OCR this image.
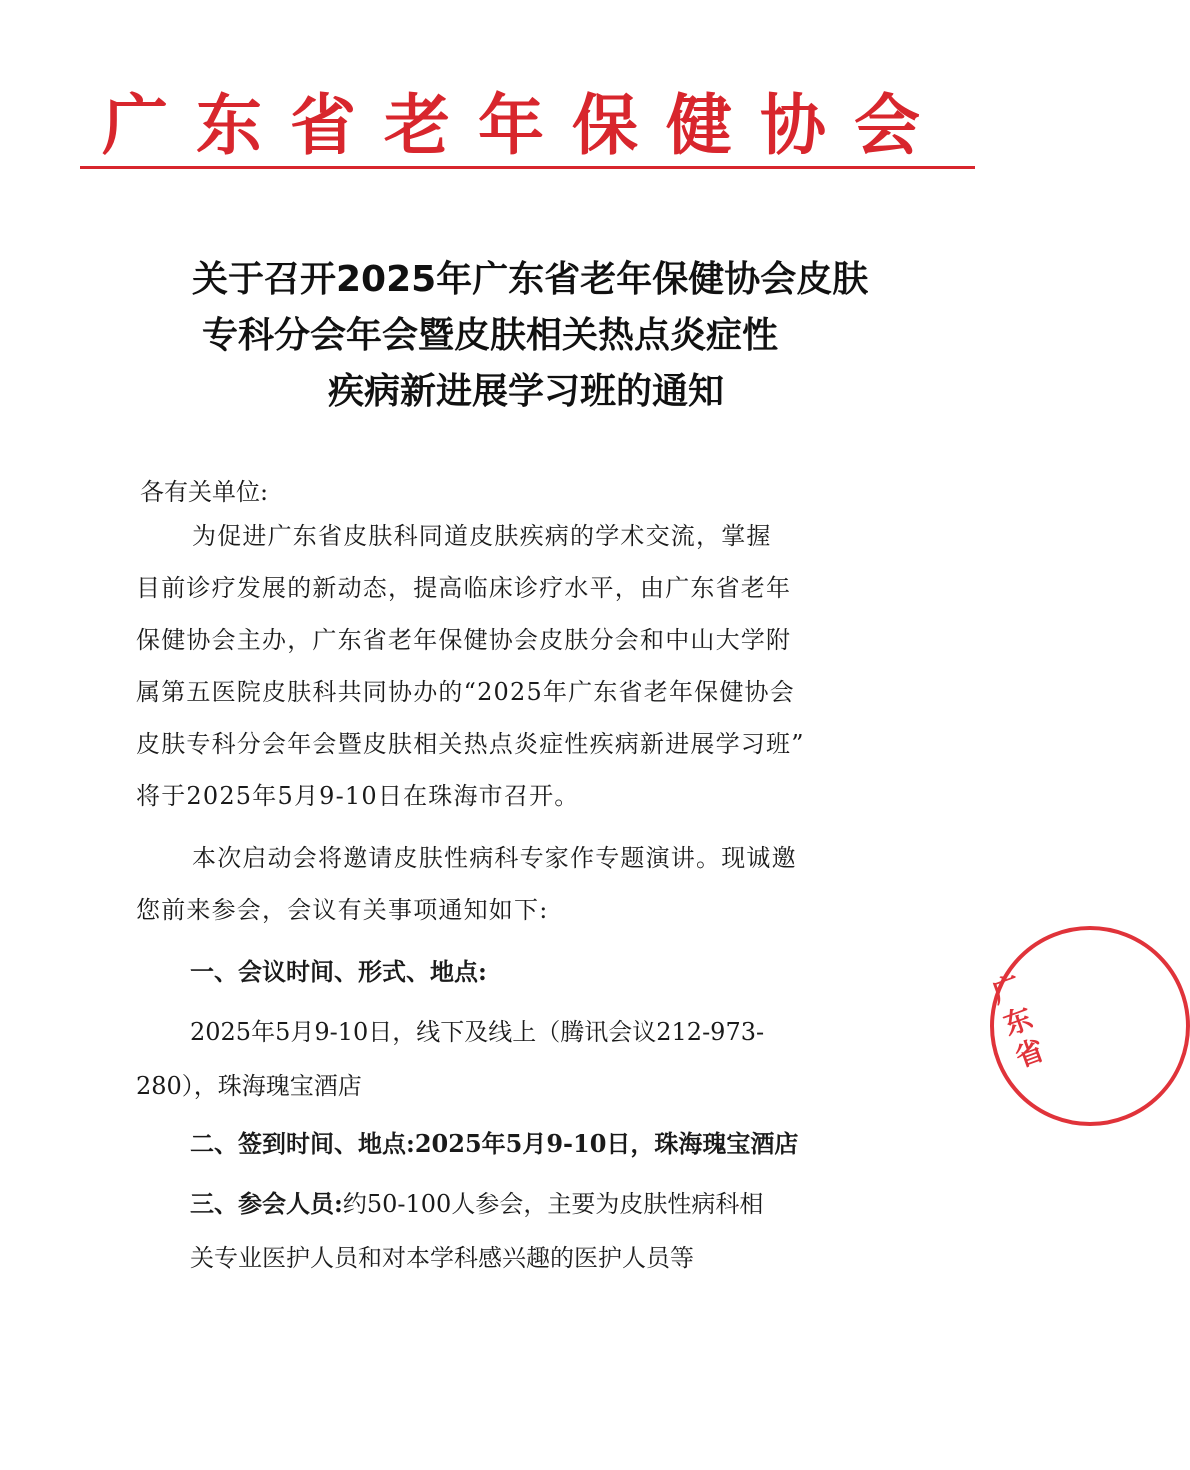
广东省老年保健协会
关于召开2025年广东省老年保健协会皮肤
专科分会年会暨皮肤相关热点炎症性
疾病新进展学习班的通知
各有关单位:
为促进广东省皮肤科同道皮肤疾病的学术交流，掌握
目前诊疗发展的新动态，提高临床诊疗水平，由广东省老年
保健协会主办，广东省老年保健协会皮肤分会和中山大学附
属第五医院皮肤科共同协办的“2025年广东省老年保健协会
皮肤专科分会年会暨皮肤相关热点炎症性疾病新进展学习班”
将于2025年5月9-10日在珠海市召开。
本次启动会将邀请皮肤性病科专家作专题演讲。现诚邀
您前来参会，会议有关事项通知如下:
一、会议时间、形式、地点:
2025年5月9-10日，线下及线上（腾讯会议212-973-
280），珠海瑰宝酒店
二、签到时间、地点:2025年5月9-10日，珠海瑰宝酒店
三、参会人员:约50-100人参会，主要为皮肤性病科相
关专业医护人员和对本学科感兴趣的医护人员等
广东省
